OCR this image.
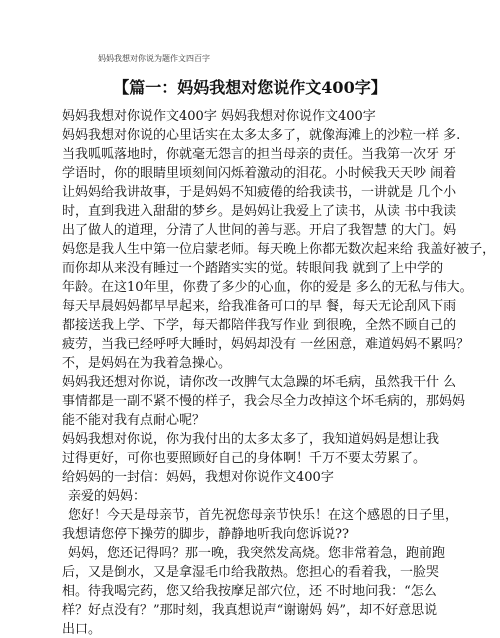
妈妈我想对你说为题作文四百字
【篇一：妈妈我想对您说作文400字】
妈妈我想对你说作文400字 妈妈我想对你说作文400字
妈妈我想对你说的心里话实在太多太多了，就像海滩上的沙粒一样 多.
当我呱呱落地时，你就毫无怨言的担当母亲的责任。当我第一次牙 牙
学语时，你的眼睛里顷刻间闪烁着激动的泪花。小时候我天天吵 闹着
让妈妈给我讲故事，于是妈妈不知疲倦的给我读书，一讲就是 几个小
时，直到我进入甜甜的梦乡。是妈妈让我爱上了读书，从读 书中我读
出了做人的道理，分清了人世间的善与恶。开启了我智慧 的大门。妈
妈您是我人生中第一位启蒙老师。每天晚上你都无数次起来给 我盖好被子，
而你却从来没有睡过一个踏踏实实的觉。转眼间我 就到了上中学的
年龄。在这10年里，你费了多少的心血，你的爱是 多么的无私与伟大。
每天早晨妈妈都早早起来，给我准备可口的早 餐，每天无论刮风下雨
都接送我上学、下学，每天都陪伴我写作业 到很晚，全然不顾自己的
疲劳，当我已经呼呼大睡时，妈妈却没有 一丝困意，难道妈妈不累吗？
不，是妈妈在为我着急操心。
妈妈我还想对你说，请你改一改脾气太急躁的坏毛病，虽然我干什 么
事情都是一副不紧不慢的样子，我会尽全力改掉这个坏毛病的，那妈妈
能不能对我有点耐心呢？
妈妈我想对你说，你为我付出的太多太多了，我知道妈妈是想让我
过得更好，可你也要照顾好自己的身体啊！千万不要太劳累了。
给妈妈的一封信：妈妈，我想对你说作文400字
亲爱的妈妈：
您好！今天是母亲节，首先祝您母亲节快乐！在这个感恩的日子里，
我想请您停下操劳的脚步，静静地听我向您诉说??
妈妈，您还记得吗？那一晚，我突然发高烧。您非常着急，跑前跑
后，又是倒水，又是拿湿毛巾给我散热。您担心的看着我，一脸哭
相。待我喝完药，您又给我按摩足部穴位，还 不时地问我：“怎么
样？好点没有？”那时刻，我真想说声“谢谢妈 妈”，却不好意思说
出口。
